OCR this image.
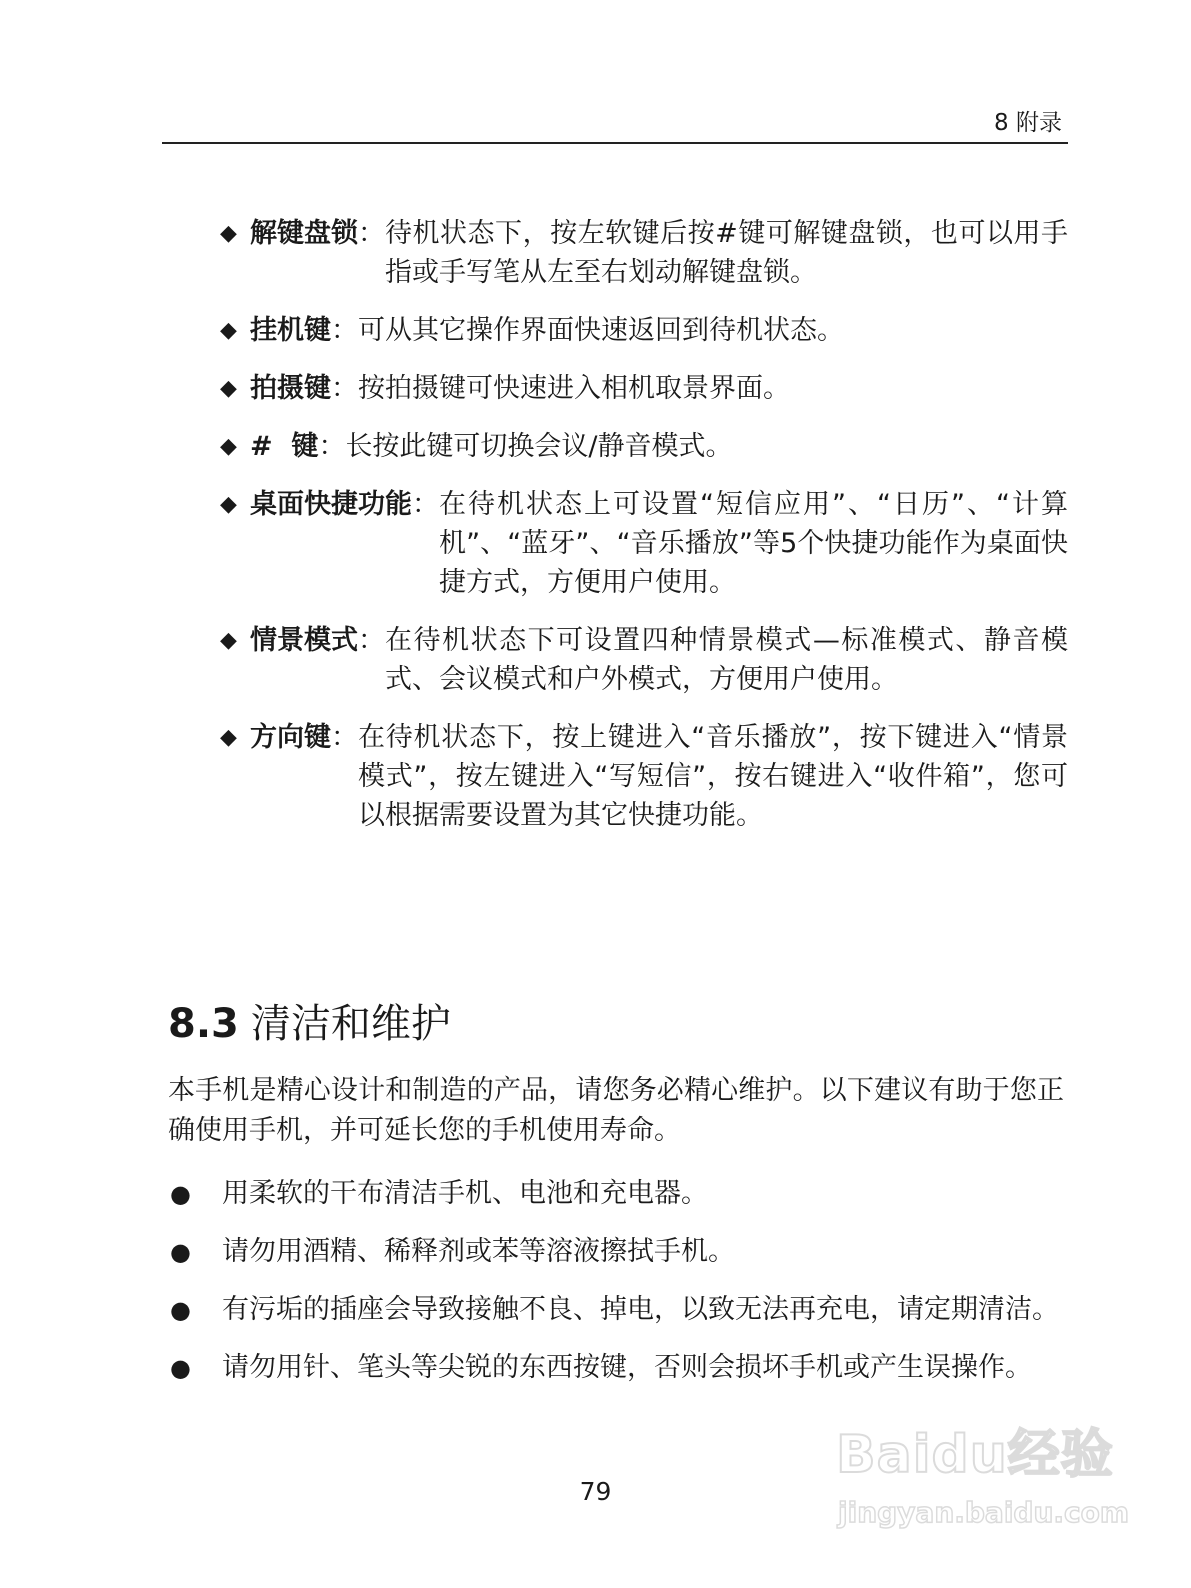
8 附录
◆ 解键盘锁 ： 待机状态下，按左软键后按#键可解键盘锁，也可以用手指或手写笔从左至右划动解键盘锁。
◆ 挂机键 ： 可从其它操作界面快速返回到待机状态。
◆ 拍摄键 ： 按拍摄键可快速进入相机取景界面。
◆ #  键 ： 长按此键可切换会议/静音模式。
◆ 桌面快捷功能 ： 在待机状态上可设置“短信应用”、“日历”、“计算机”、“蓝牙”、“音乐播放”等5个快捷功能作为桌面快捷方式，方便用户使用。
◆ 情景模式 ： 在待机状态下可设置四种情景模式—标准模式、静音模式、会议模式和户外模式，方便用户使用。
◆ 方向键 ： 在待机状态下，按上键进入“音乐播放”，按下键进入“情景模式”，按左键进入“写短信”，按右键进入“收件箱”，您可以根据需要设置为其它快捷功能。
8.3 清洁和维护
本手机是精心设计和制造的产品，请您务必精心维护。以下建议有助于您正确使用手机，并可延长您的手机使用寿命。
●	用柔软的干布清洁手机、电池和充电器。
●	请勿用酒精、稀释剂或苯等溶液擦拭手机。
●	有污垢的插座会导致接触不良、掉电，以致无法再充电，请定期清洁。
●	请勿用针、笔头等尖锐的东西按键，否则会损坏手机或产生误操作。
79
Baidu经验
jingyan.baidu.com
